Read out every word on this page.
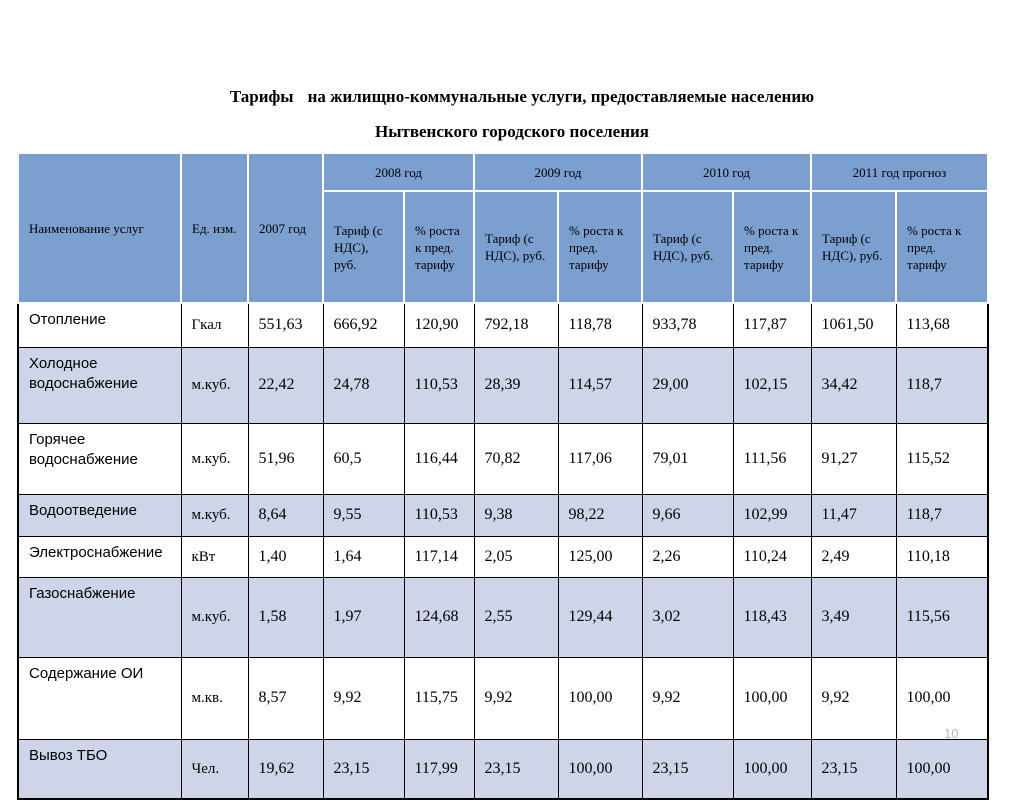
Тарифы на жилищно-коммунальные услуги, предоставляемые населению
Нытвенского городского поселения
Наименование услуг	Ед. изм.	2007 год	2008 год		2009 год		2010 год		2011 год прогноз	
			Тариф (с НДС), руб.	% роста к пред. тарифу	Тариф (с НДС), руб.	% роста к пред. тарифу	Тариф (с НДС), руб.	% роста к пред. тарифу	Тариф (с НДС), руб.	% роста к пред. тарифу
Отопление	Гкал	551,63	666,92	120,90	792,18	118,78	933,78	117,87	1061,50	113,68
Холодное водоснабжение	м.куб.	22,42	24,78	110,53	28,39	114,57	29,00	102,15	34,42	118,7
Горячее водоснабжение	м.куб.	51,96	60,5	116,44	70,82	117,06	79,01	111,56	91,27	115,52
Водоотведение	м.куб.	8,64	9,55	110,53	9,38	98,22	9,66	102,99	11,47	118,7
Электроснабжение	кВт	1,40	1,64	117,14	2,05	125,00	2,26	110,24	2,49	110,18
Газоснабжение	м.куб.	1,58	1,97	124,68	2,55	129,44	3,02	118,43	3,49	115,56
Содержание ОИ	м.кв.	8,57	9,92	115,75	9,92	100,00	9,92	100,00	9,92	100,00
Вывоз ТБО	Чел.	19,62	23,15	117,99	23,15	100,00	23,15	100,00	23,15	100,00
10
